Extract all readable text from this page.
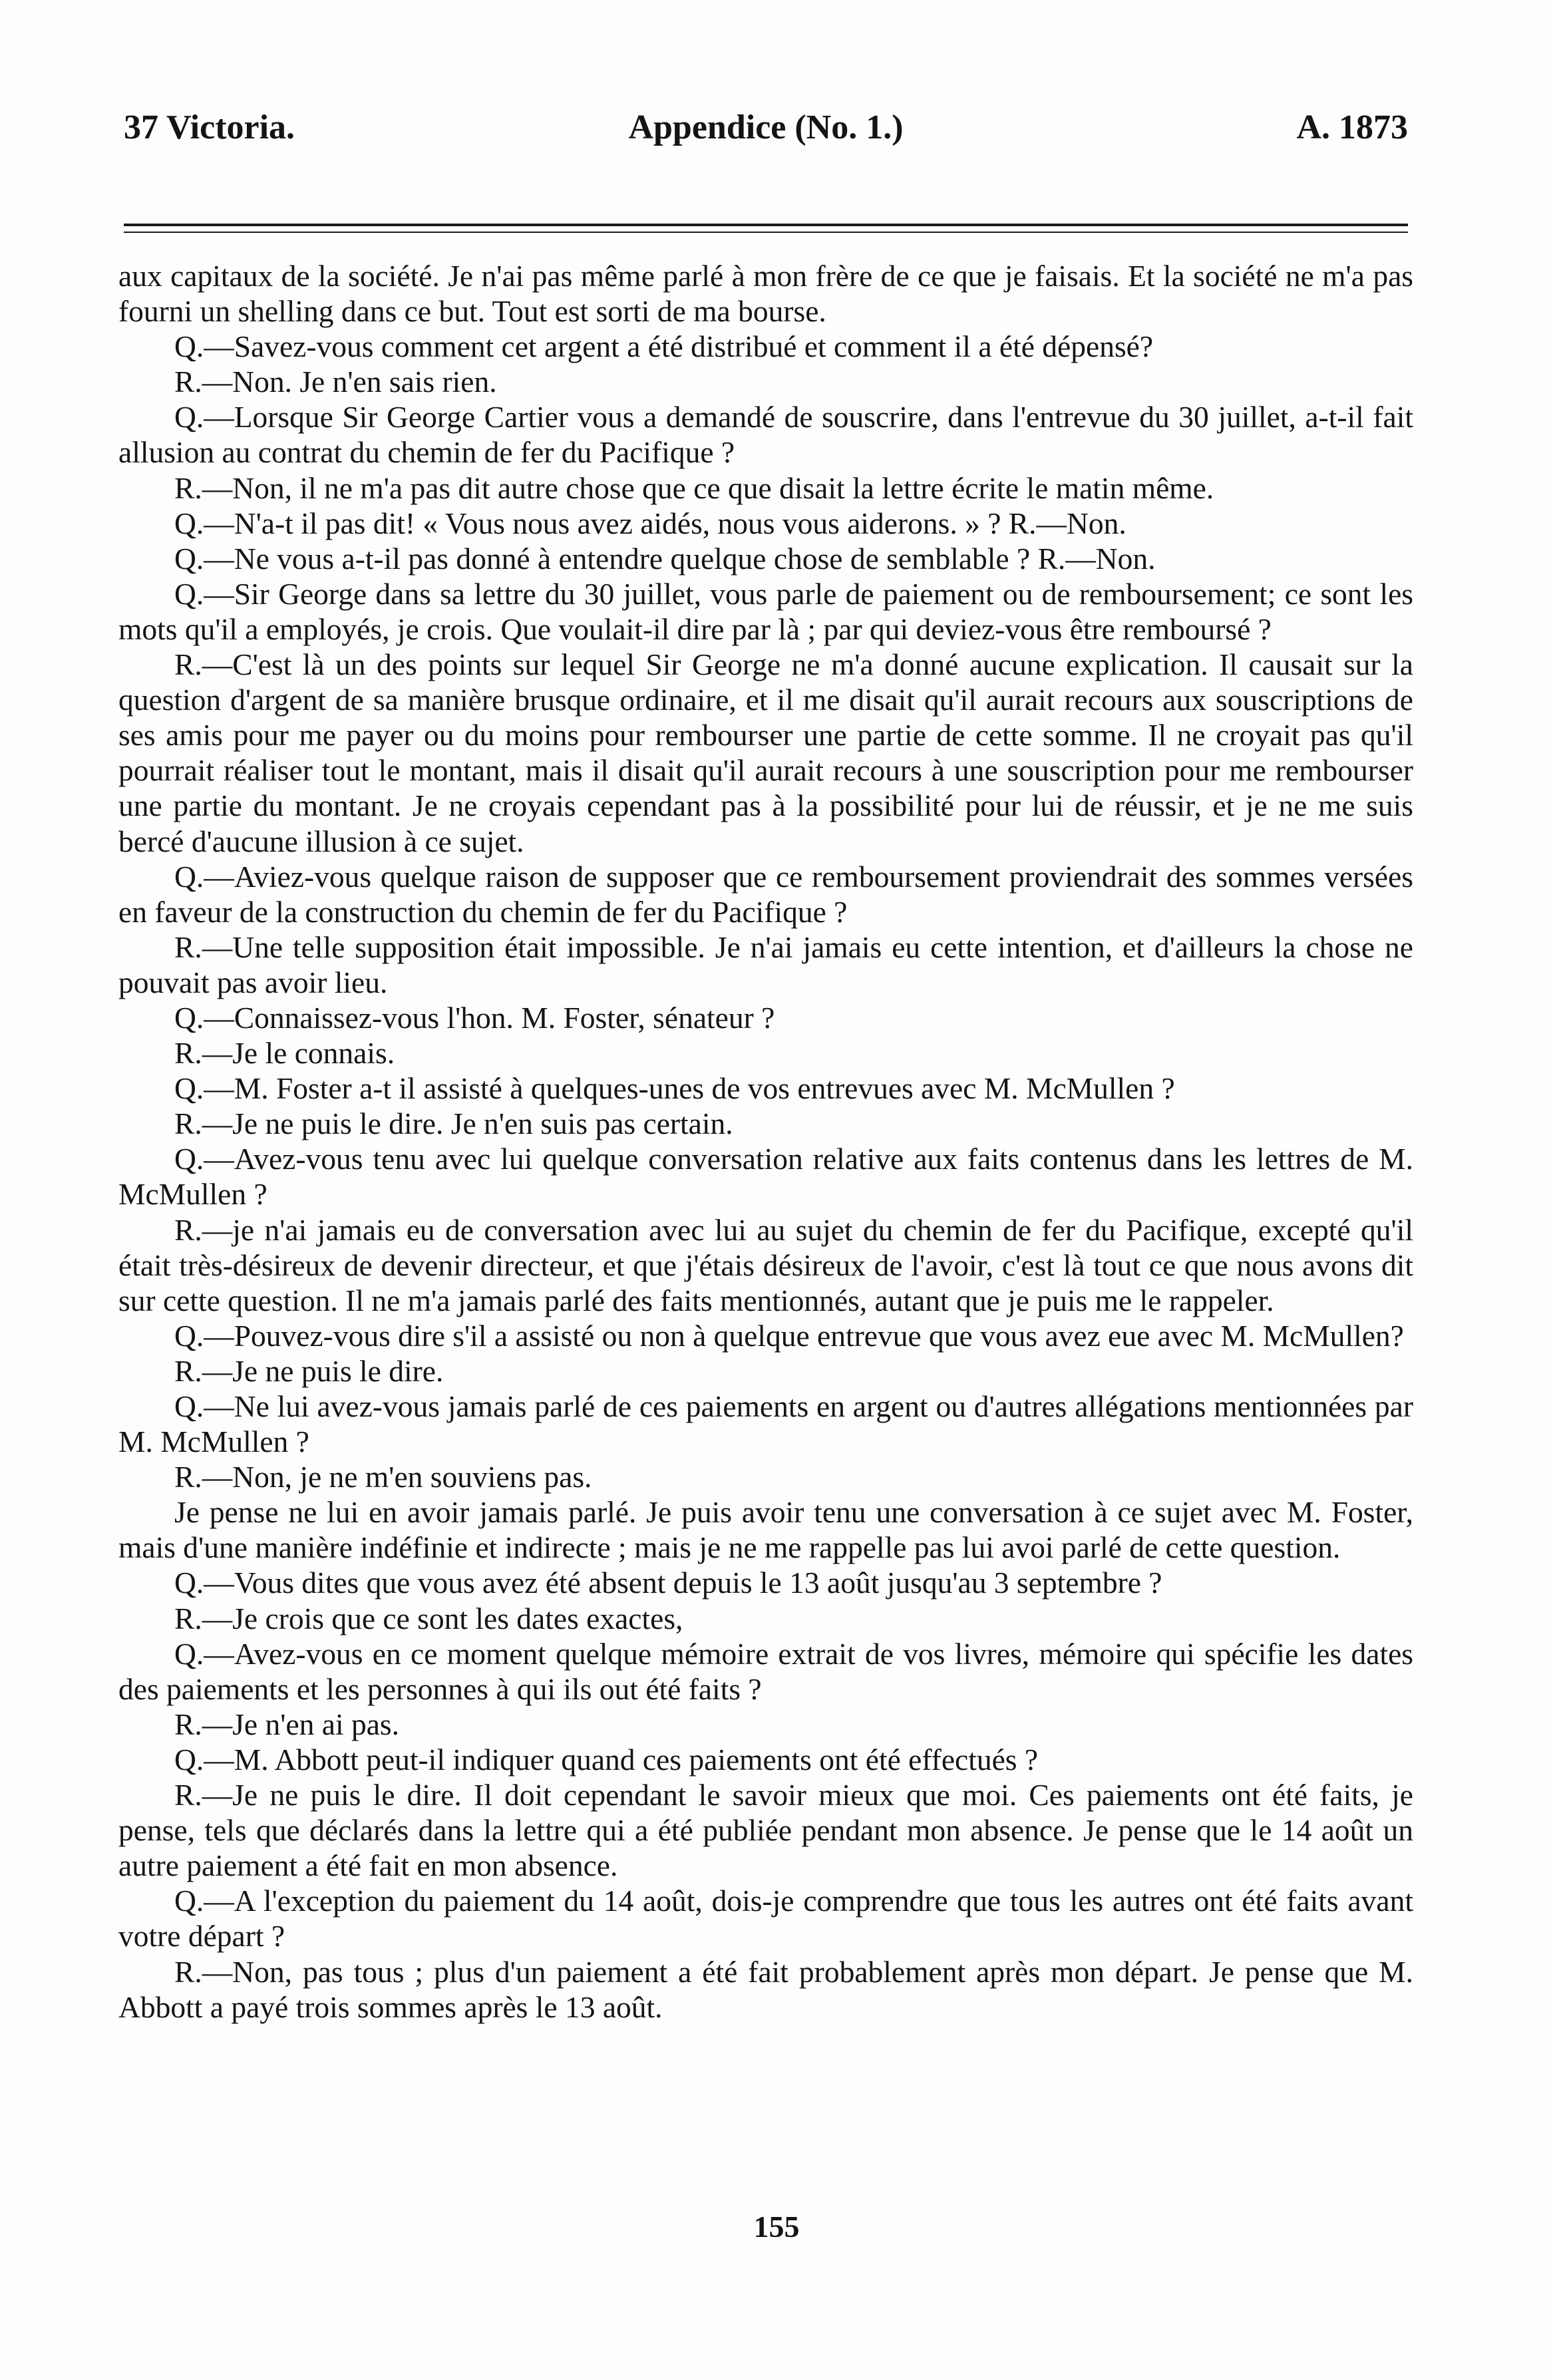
37 Victoria.	Appendice (No. 1.)	A. 1873

aux capitaux de la société. Je n'ai pas même parlé à mon frère de ce que je faisais. Et la société ne m'a pas fourni un shelling dans ce but. Tout est sorti de ma bourse.

Q.—Savez-vous comment cet argent a été distribué et comment il a été dépensé?

R.—Non. Je n'en sais rien.

Q.—Lorsque Sir George Cartier vous a demandé de souscrire, dans l'entrevue du 30 juillet, a-t-il fait allusion au contrat du chemin de fer du Pacifique ?

R.—Non, il ne m'a pas dit autre chose que ce que disait la lettre écrite le matin même.

Q.—N'a-t il pas dit! « Vous nous avez aidés, nous vous aiderons. » ? R.—Non.

Q.—Ne vous a-t-il pas donné à entendre quelque chose de semblable ? R.—Non.

Q.—Sir George dans sa lettre du 30 juillet, vous parle de paiement ou de remboursement; ce sont les mots qu'il a employés, je crois. Que voulait-il dire par là ; par qui deviez-vous être remboursé ?

R.—C'est là un des points sur lequel Sir George ne m'a donné aucune explication. Il causait sur la question d'argent de sa manière brusque ordinaire, et il me disait qu'il aurait recours aux souscriptions de ses amis pour me payer ou du moins pour rembourser une partie de cette somme. Il ne croyait pas qu'il pourrait réaliser tout le montant, mais il disait qu'il aurait recours à une souscription pour me rembourser une partie du montant. Je ne croyais cependant pas à la possibilité pour lui de réussir, et je ne me suis bercé d'aucune illusion à ce sujet.

Q.—Aviez-vous quelque raison de supposer que ce remboursement proviendrait des sommes versées en faveur de la construction du chemin de fer du Pacifique ?

R.—Une telle supposition était impossible. Je n'ai jamais eu cette intention, et d'ailleurs la chose ne pouvait pas avoir lieu.

Q.—Connaissez-vous l'hon. M. Foster, sénateur ?

R.—Je le connais.

Q.—M. Foster a-t il assisté à quelques-unes de vos entrevues avec M. McMullen ?

R.—Je ne puis le dire. Je n'en suis pas certain.

Q.—Avez-vous tenu avec lui quelque conversation relative aux faits contenus dans les lettres de M. McMullen ?

R.—je n'ai jamais eu de conversation avec lui au sujet du chemin de fer du Pacifique, excepté qu'il était très-désireux de devenir directeur, et que j'étais désireux de l'avoir, c'est là tout ce que nous avons dit sur cette question. Il ne m'a jamais parlé des faits mentionnés, autant que je puis me le rappeler.

Q.—Pouvez-vous dire s'il a assisté ou non à quelque entrevue que vous avez eue avec M. McMullen?

R.—Je ne puis le dire.

Q.—Ne lui avez-vous jamais parlé de ces paiements en argent ou d'autres allégations mentionnées par M. McMullen ?

R.—Non, je ne m'en souviens pas.

Je pense ne lui en avoir jamais parlé. Je puis avoir tenu une conversation à ce sujet avec M. Foster, mais d'une manière indéfinie et indirecte ; mais je ne me rappelle pas lui avoi parlé de cette question.

Q.—Vous dites que vous avez été absent depuis le 13 août jusqu'au 3 septembre ?

R.—Je crois que ce sont les dates exactes,

Q.—Avez-vous en ce moment quelque mémoire extrait de vos livres, mémoire qui spécifie les dates des paiements et les personnes à qui ils out été faits ?

R.—Je n'en ai pas.

Q.—M. Abbott peut-il indiquer quand ces paiements ont été effectués ?

R.—Je ne puis le dire. Il doit cependant le savoir mieux que moi. Ces paiements ont été faits, je pense, tels que déclarés dans la lettre qui a été publiée pendant mon absence. Je pense que le 14 août un autre paiement a été fait en mon absence.

Q.—A l'exception du paiement du 14 août, dois-je comprendre que tous les autres ont été faits avant votre départ ?

R.—Non, pas tous ; plus d'un paiement a été fait probablement après mon départ. Je pense que M. Abbott a payé trois sommes après le 13 août.

155
